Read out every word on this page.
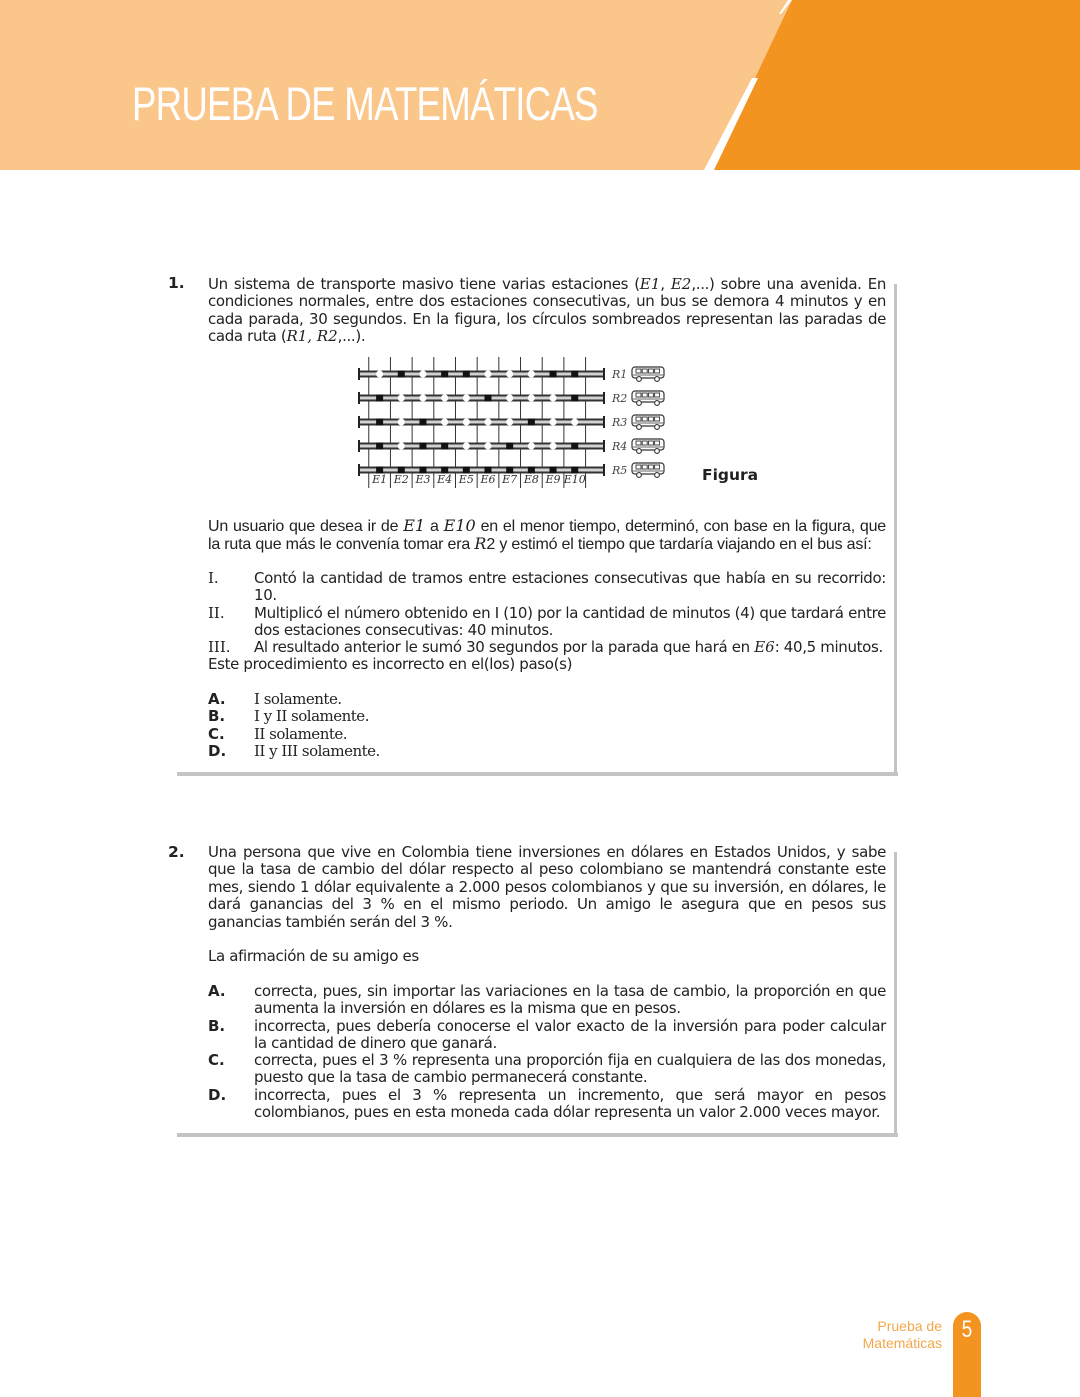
PRUEBA DE MATEMÁTICAS
1. Un sistema de transporte masivo tiene varias estaciones (E1, E2,...) sobre una avenida. En condiciones normales, entre dos estaciones consecutivas, un bus se demora 4 minutos y en cada parada, 30 segundos. En la figura, los círculos sombreados representan las paradas de cada ruta (R1, R2,...).
R1
R2
R3
R4
R5
E1 E2 E3 E4 E5 E6 E7 E8 E9 E10	Figura
Un usuario que desea ir de E1 a E10 en el menor tiempo, determinó, con base en la figura, que la ruta que más le convenía tomar era R2 y estimó el tiempo que tardaría viajando en el bus así:
I.	Contó la cantidad de tramos entre estaciones consecutivas que había en su recorrido: 10.
II.	Multiplicó el número obtenido en I (10) por la cantidad de minutos (4) que tardará entre dos estaciones consecutivas: 40 minutos.
III.	Al resultado anterior le sumó 30 segundos por la parada que hará en E6: 40,5 minutos.
Este procedimiento es incorrecto en el(los) paso(s)
A.	I solamente.
B.	I y II solamente.
C.	II solamente.
D.	II y III solamente.
2. Una persona que vive en Colombia tiene inversiones en dólares en Estados Unidos, y sabe que la tasa de cambio del dólar respecto al peso colombiano se mantendrá constante este mes, siendo 1 dólar equivalente a 2.000 pesos colombianos y que su inversión, en dólares, le dará ganancias del 3 % en el mismo periodo. Un amigo le asegura que en pesos sus ganancias también serán del 3 %.
La afirmación de su amigo es
A.	correcta, pues, sin importar las variaciones en la tasa de cambio, la proporción en que aumenta la inversión en dólares es la misma que en pesos.
B.	incorrecta, pues debería conocerse el valor exacto de la inversión para poder calcular la cantidad de dinero que ganará.
C.	correcta, pues el 3 % representa una proporción fija en cualquiera de las dos monedas, puesto que la tasa de cambio permanecerá constante.
D.	incorrecta, pues el 3 % representa un incremento, que será mayor en pesos colombianos, pues en esta moneda cada dólar representa un valor 2.000 veces mayor.
Prueba de
Matemáticas 5
